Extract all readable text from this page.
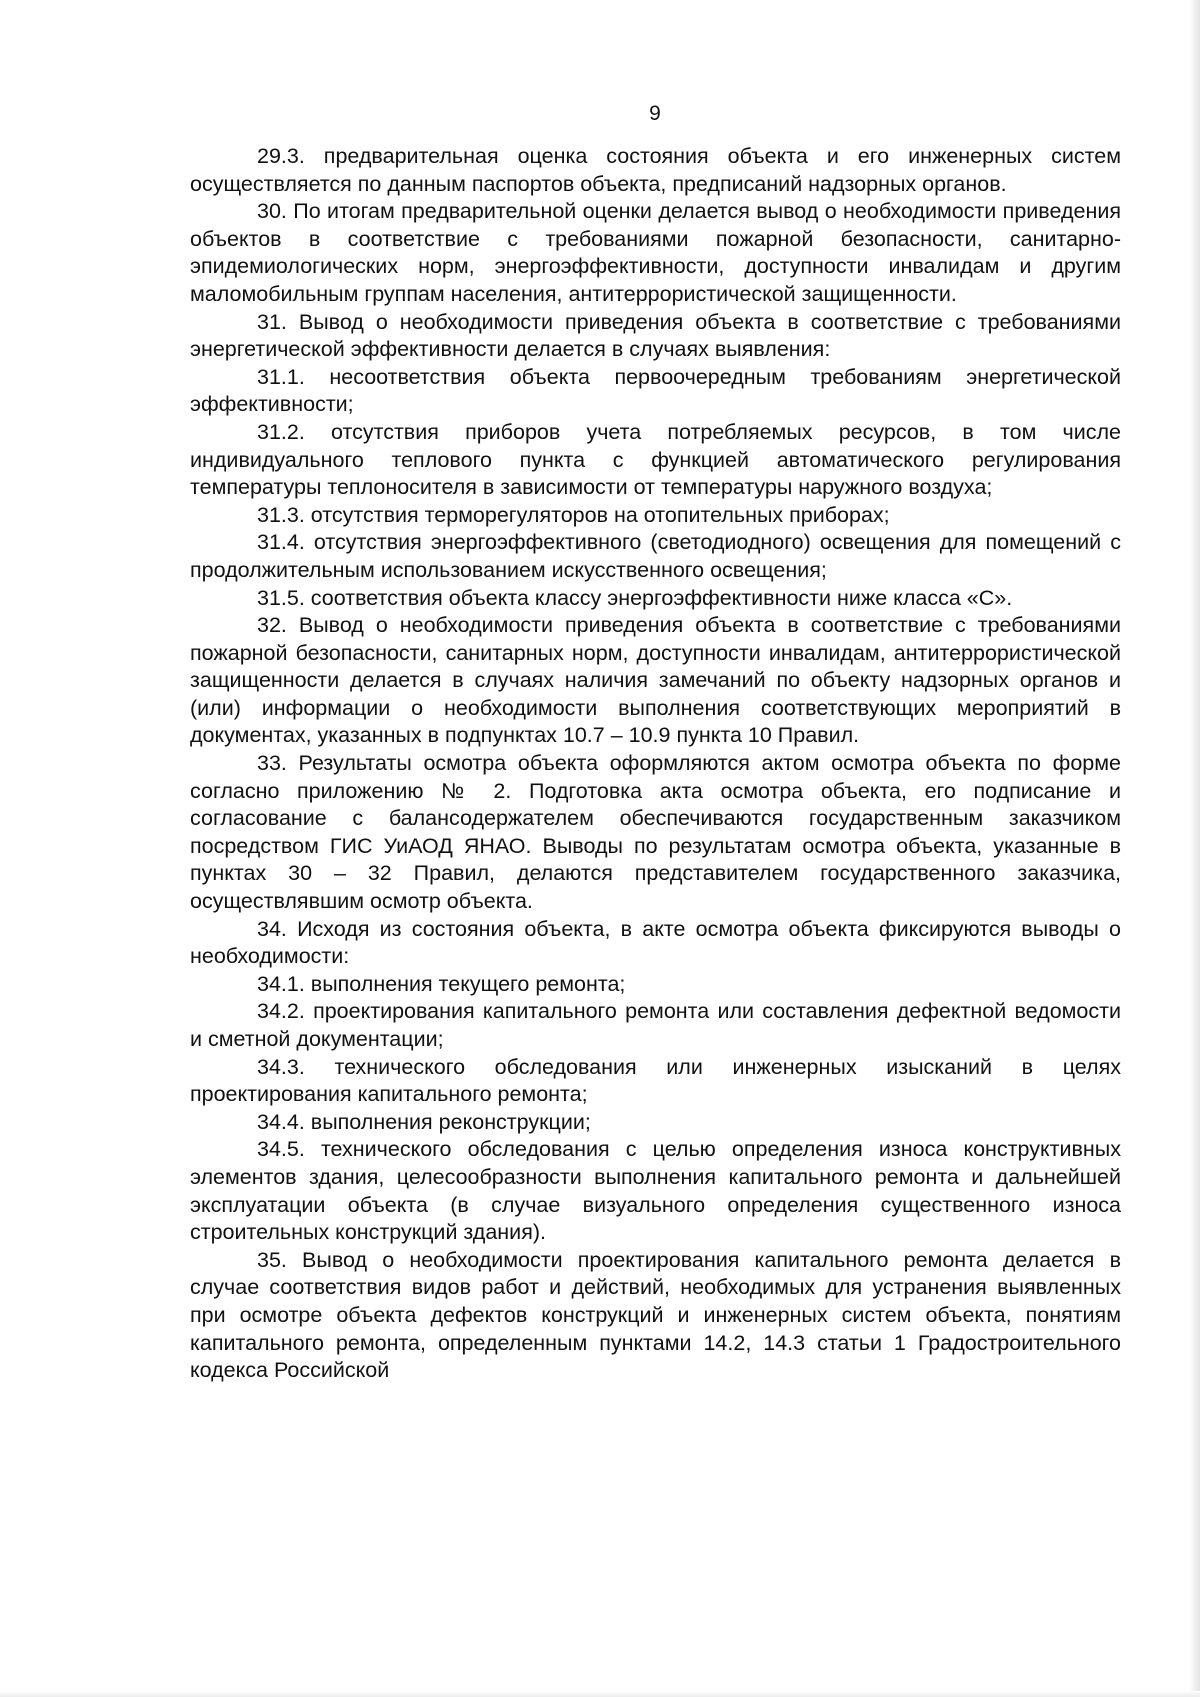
9

29.3. предварительная оценка состояния объекта и его инженерных систем осуществляется по данным паспортов объекта, предписаний надзорных органов.

30. По итогам предварительной оценки делается вывод о необходимости приведения объектов в соответствие с требованиями пожарной безопасности, санитарно-эпидемиологических норм, энергоэффективности, доступности инвалидам и другим маломобильным группам населения, антитеррористической защищенности.

31. Вывод о необходимости приведения объекта в соответствие с требованиями энергетической эффективности делается в случаях выявления:

31.1. несоответствия объекта первоочередным требованиям энергетической эффективности;

31.2. отсутствия приборов учета потребляемых ресурсов, в том числе индивидуального теплового пункта с функцией автоматического регулирования температуры теплоносителя в зависимости от температуры наружного воздуха;

31.3. отсутствия терморегуляторов на отопительных приборах;

31.4. отсутствия энергоэффективного (светодиодного) освещения для помещений с продолжительным использованием искусственного освещения;

31.5. соответствия объекта классу энергоэффективности ниже класса «С».

32. Вывод о необходимости приведения объекта в соответствие с требованиями пожарной безопасности, санитарных норм, доступности инвалидам, антитеррористической защищенности делается в случаях наличия замечаний по объекту надзорных органов и (или) информации о необходимости выполнения соответствующих мероприятий в документах, указанных в подпунктах 10.7 – 10.9 пункта 10 Правил.

33. Результаты осмотра объекта оформляются актом осмотра объекта по форме согласно приложению № 2. Подготовка акта осмотра объекта, его подписание и согласование с балансодержателем обеспечиваются государственным заказчиком посредством ГИС УиАОД ЯНАО. Выводы по результатам осмотра объекта, указанные в пунктах 30 – 32 Правил, делаются представителем государственного заказчика, осуществлявшим осмотр объекта.

34. Исходя из состояния объекта, в акте осмотра объекта фиксируются выводы о необходимости:

34.1. выполнения текущего ремонта;

34.2. проектирования капитального ремонта или составления дефектной ведомости и сметной документации;

34.3. технического обследования или инженерных изысканий в целях проектирования капитального ремонта;

34.4. выполнения реконструкции;

34.5. технического обследования с целью определения износа конструктивных элементов здания, целесообразности выполнения капитального ремонта и дальнейшей эксплуатации объекта (в случае визуального определения существенного износа строительных конструкций здания).

35. Вывод о необходимости проектирования капитального ремонта делается в случае соответствия видов работ и действий, необходимых для устранения выявленных при осмотре объекта дефектов конструкций и инженерных систем объекта, понятиям капитального ремонта, определенным пунктами 14.2, 14.3 статьи 1 Градостроительного кодекса Российской
